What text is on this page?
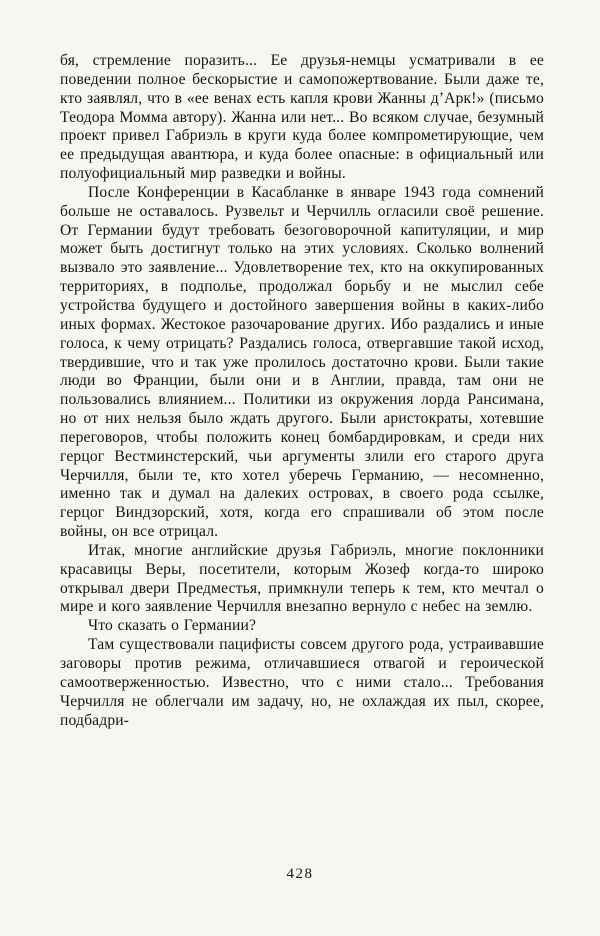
бя, стремление поразить... Ее друзья-немцы усматривали в ее поведении полное бескорыстие и самопожертвование. Были даже те, кто заявлял, что в «ее венах есть капля крови Жанны д’Арк!» (письмо Теодора Момма автору). Жанна или нет... Во всяком случае, безумный проект привел Габриэль в круги куда более компрометирующие, чем ее предыдущая авантюра, и куда более опасные: в официальный или полуофициальный мир разведки и войны.

После Конференции в Касабланке в январе 1943 года сомнений больше не оставалось. Рузвельт и Черчилль огласили своё решение. От Германии будут требовать безоговорочной капитуляции, и мир может быть достигнут только на этих условиях. Сколько волнений вызвало это заявление... Удовлетворение тех, кто на оккупированных территориях, в подполье, продолжал борьбу и не мыслил себе устройства будущего и достойного завершения войны в каких-либо иных формах. Жестокое разочарование других. Ибо раздались и иные голоса, к чему отрицать? Раздались голоса, отвергавшие такой исход, твердившие, что и так уже пролилось достаточно крови. Были такие люди во Франции, были они и в Англии, правда, там они не пользовались влиянием... Политики из окружения лорда Рансимана, но от них нельзя было ждать другого. Были аристократы, хотевшие переговоров, чтобы положить конец бомбардировкам, и среди них герцог Вестминстерский, чьи аргументы злили его старого друга Черчилля, были те, кто хотел уберечь Германию, — несомненно, именно так и думал на далеких островах, в своего рода ссылке, герцог Виндзорский, хотя, когда его спрашивали об этом после войны, он все отрицал.

Итак, многие английские друзья Габриэль, многие поклонники красавицы Веры, посетители, которым Жозеф когда-то широко открывал двери Предместья, примкнули теперь к тем, кто мечтал о мире и кого заявление Черчилля внезапно вернуло с небес на землю.

Что сказать о Германии?

Там существовали пацифисты совсем другого рода, устраивавшие заговоры против режима, отличавшиеся отвагой и героической самоотверженностью. Известно, что с ними стало... Требования Черчилля не облегчали им задачу, но, не охлаждая их пыл, скорее, подбадри-

428
